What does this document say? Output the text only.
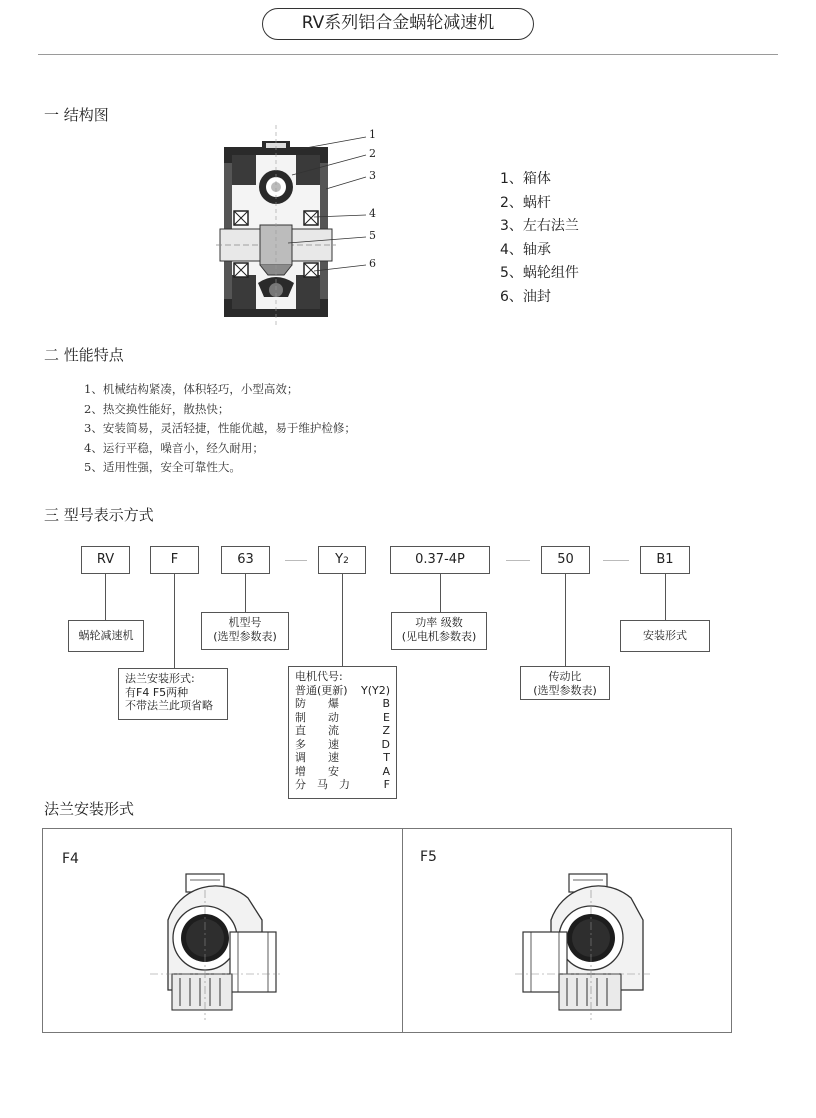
RV系列铝合金蜗轮减速机
一 结构图
1
2
3
4
5
6
1、箱体
2、蜗杆
3、左右法兰
4、轴承
5、蜗轮组件
6、油封
二 性能特点
1、机械结构紧凑，体积轻巧，小型高效；
2、热交换性能好，散热快；
3、安装简易，灵活轻捷，性能优越，易于维护检修；
4、运行平稳，噪音小，经久耐用；
5、适用性强，安全可靠性大。
三 型号表示方式
RV	F	63	Y2	0.37-4P	50	B1
蜗轮减速机
法兰安装形式:
有F4 F5两种
不带法兰此项省略
机型号
(选型参数表)
电机代号:
普通(更新) Y(Y2)
防　　爆	B
制　　动	E
直　　流	Z
多　　速	D
调　　速	T
增　　安	A
分　马　力	F
功率 级数
(见电机参数表)
传动比
(选型参数表)
安装形式
法兰安装形式
F4	F5
